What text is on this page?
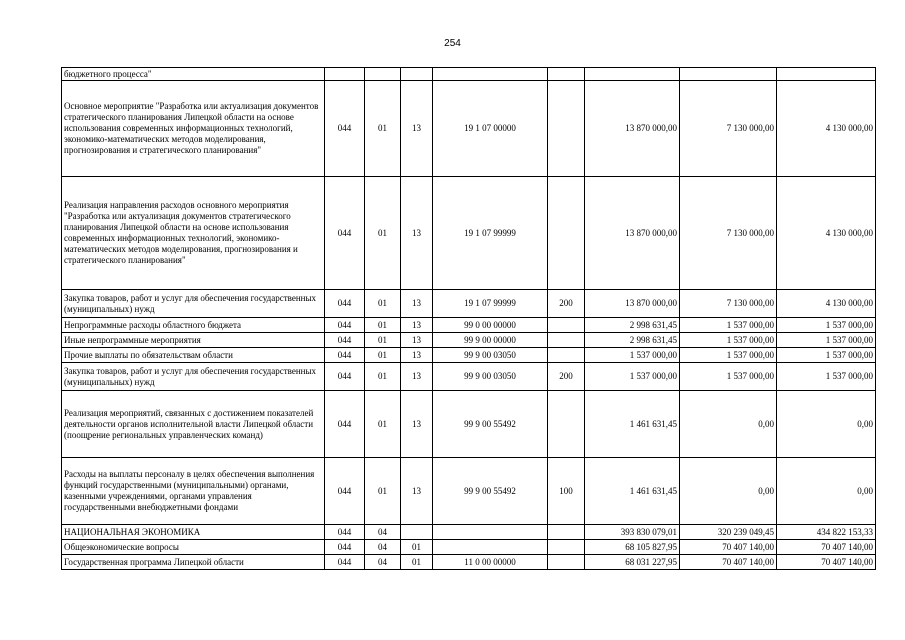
254
бюджетного процесса"								
Основное мероприятие "Разработка или актуализация документов стратегического планирования Липецкой области на основе использования современных информационных технологий, экономико-математических методов моделирования, прогнозирования и стратегического планирования"	044	01	13	19 1 07 00000		13 870 000,00	7 130 000,00	4 130 000,00
Реализация направления расходов основного мероприятия "Разработка или актуализация документов стратегического планирования Липецкой области на основе использования современных информационных технологий, экономико-математических методов моделирования, прогнозирования и стратегического планирования"	044	01	13	19 1 07 99999		13 870 000,00	7 130 000,00	4 130 000,00
Закупка товаров, работ и услуг для обеспечения государственных (муниципальных) нужд	044	01	13	19 1 07 99999	200	13 870 000,00	7 130 000,00	4 130 000,00
Непрограммные расходы областного бюджета	044	01	13	99 0 00 00000		2 998 631,45	1 537 000,00	1 537 000,00
Иные непрограммные мероприятия	044	01	13	99 9 00 00000		2 998 631,45	1 537 000,00	1 537 000,00
Прочие выплаты по обязательствам области	044	01	13	99 9 00 03050		1 537 000,00	1 537 000,00	1 537 000,00
Закупка товаров, работ и услуг для обеспечения государственных (муниципальных) нужд	044	01	13	99 9 00 03050	200	1 537 000,00	1 537 000,00	1 537 000,00
Реализация мероприятий, связанных с достижением показателей деятельности органов исполнительной власти Липецкой области (поощрение региональных управленческих команд)	044	01	13	99 9 00 55492		1 461 631,45	0,00	0,00
Расходы на выплаты персоналу в целях обеспечения выполнения функций государственными (муниципальными) органами, казенными учреждениями, органами управления государственными внебюджетными фондами	044	01	13	99 9 00 55492	100	1 461 631,45	0,00	0,00
НАЦИОНАЛЬНАЯ ЭКОНОМИКА	044	04				393 830 079,01	320 239 049,45	434 822 153,33
Общеэкономические вопросы	044	04	01			68 105 827,95	70 407 140,00	70 407 140,00
Государственная программа Липецкой области	044	04	01	11 0 00 00000		68 031 227,95	70 407 140,00	70 407 140,00
